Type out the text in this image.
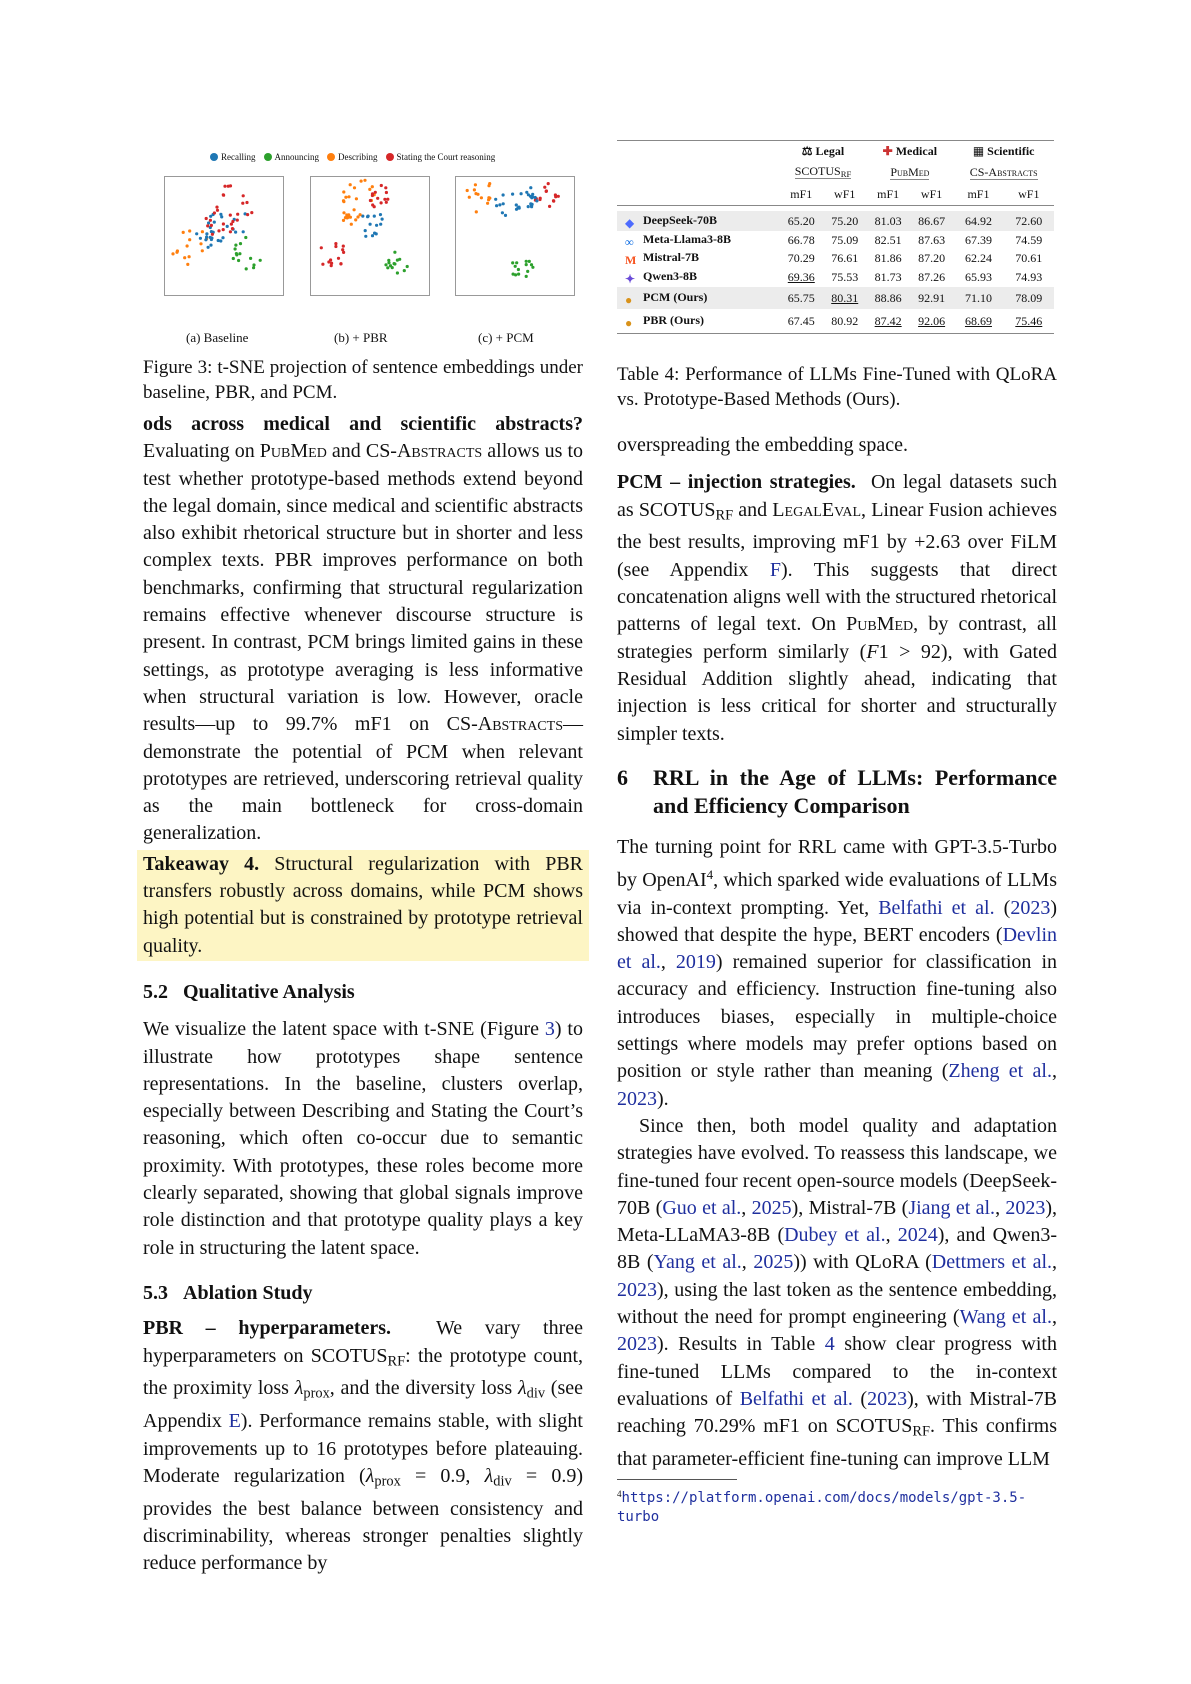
Recalling	Announcing	Describing	Stating the Court reasoning
(a) Baseline	(b) + PBR	(c) + PCM

Figure 3: t-SNE projection of sentence embeddings under baseline, PBR, and PCM.

ods across medical and scientific abstracts? Evaluating on PubMed and CS-Abstracts allows us to test whether prototype-based methods extend beyond the legal domain, since medical and scientific abstracts also exhibit rhetorical structure but in shorter and less complex texts. PBR improves performance on both benchmarks, confirming that structural regularization remains effective whenever discourse structure is present. In contrast, PCM brings limited gains in these settings, as prototype averaging is less informative when structural variation is low. However, oracle results—up to 99.7% mF1 on CS-Abstracts—demonstrate the potential of PCM when relevant prototypes are retrieved, underscoring retrieval quality as the main bottleneck for cross-domain generalization.

Takeaway 4. Structural regularization with PBR transfers robustly across domains, while PCM shows high potential but is constrained by prototype retrieval quality.

5.2 Qualitative Analysis

We visualize the latent space with t-SNE (Figure 3) to illustrate how prototypes shape sentence representations. In the baseline, clusters overlap, especially between Describing and Stating the Court’s reasoning, which often co-occur due to semantic proximity. With prototypes, these roles become more clearly separated, showing that global signals improve role distinction and that prototype quality plays a key role in structuring the latent space.

5.3 Ablation Study

PBR – hyperparameters.  We vary three hyperparameters on $SCOTUS_{RF}$: the prototype count, the proximity loss $\lambda_{prox}$, and the diversity loss $\lambda_{div}$ (see Appendix E). Performance remains stable, with slight improvements up to 16 prototypes before plateauing. Moderate regularization ($\lambda_{prox} = 0.9$, $\lambda_{div} = 0.9$) provides the best balance between consistency and discriminability, whereas stronger penalties slightly reduce performance by

	⚖ Legal		✚ Medical		▦ Scientific	
	$SCOTUS_{RF}$		PubMed		CS-Abstracts	
	mF1	wF1	mF1	wF1	mF1	wF1

◆ DeepSeek-70B	65.20	75.20	81.03	86.67	64.92	72.60
∞ Meta-Llama3-8B	66.78	75.09	82.51	87.63	67.39	74.59
M Mistral-7B	70.29	76.61	81.86	87.20	62.24	70.61
✦ Qwen3-8B	69.36	75.53	81.73	87.26	65.93	74.93
● PCM (Ours)	65.75	80.31	88.86	92.91	71.10	78.09
● PBR (Ours)	67.45	80.92	87.42	92.06	68.69	75.46

Table 4: Performance of LLMs Fine-Tuned with QLoRA vs. Prototype-Based Methods (Ours).

overspreading the embedding space.

PCM – injection strategies.  On legal datasets such as $SCOTUS_{RF}$ and LegalEval, Linear Fusion achieves the best results, improving mF1 by +2.63 over FiLM (see Appendix F). This suggests that direct concatenation aligns well with the structured rhetorical patterns of legal text. On PubMed, by contrast, all strategies perform similarly (F1 > 92), with Gated Residual Addition slightly ahead, indicating that injection is less critical for shorter and structurally simpler texts.

6	RRL in the Age of LLMs: Performance and Efficiency Comparison

The turning point for RRL came with GPT-3.5-Turbo by OpenAI$^4$, which sparked wide evaluations of LLMs via in-context prompting. Yet, Belfathi et al. (2023) showed that despite the hype, BERT encoders (Devlin et al., 2019) remained superior for classification in accuracy and efficiency. Instruction fine-tuning also introduces biases, especially in multiple-choice settings where models may prefer options based on position or style rather than meaning (Zheng et al., 2023).

Since then, both model quality and adaptation strategies have evolved. To reassess this landscape, we fine-tuned four recent open-source models (DeepSeek-70B (Guo et al., 2025), Mistral-7B (Jiang et al., 2023), Meta-LLaMA3-8B (Dubey et al., 2024), and Qwen3-8B (Yang et al., 2025)) with QLoRA (Dettmers et al., 2023), using the last token as the sentence embedding, without the need for prompt engineering (Wang et al., 2023). Results in Table 4 show clear progress with fine-tuned LLMs compared to the in-context evaluations of Belfathi et al. (2023), with Mistral-7B reaching 70.29% mF1 on $SCOTUS_{RF}$. This confirms that parameter-efficient fine-tuning can improve LLM

$^4$https://platform.openai.com/docs/models/gpt-3.5-turbo
